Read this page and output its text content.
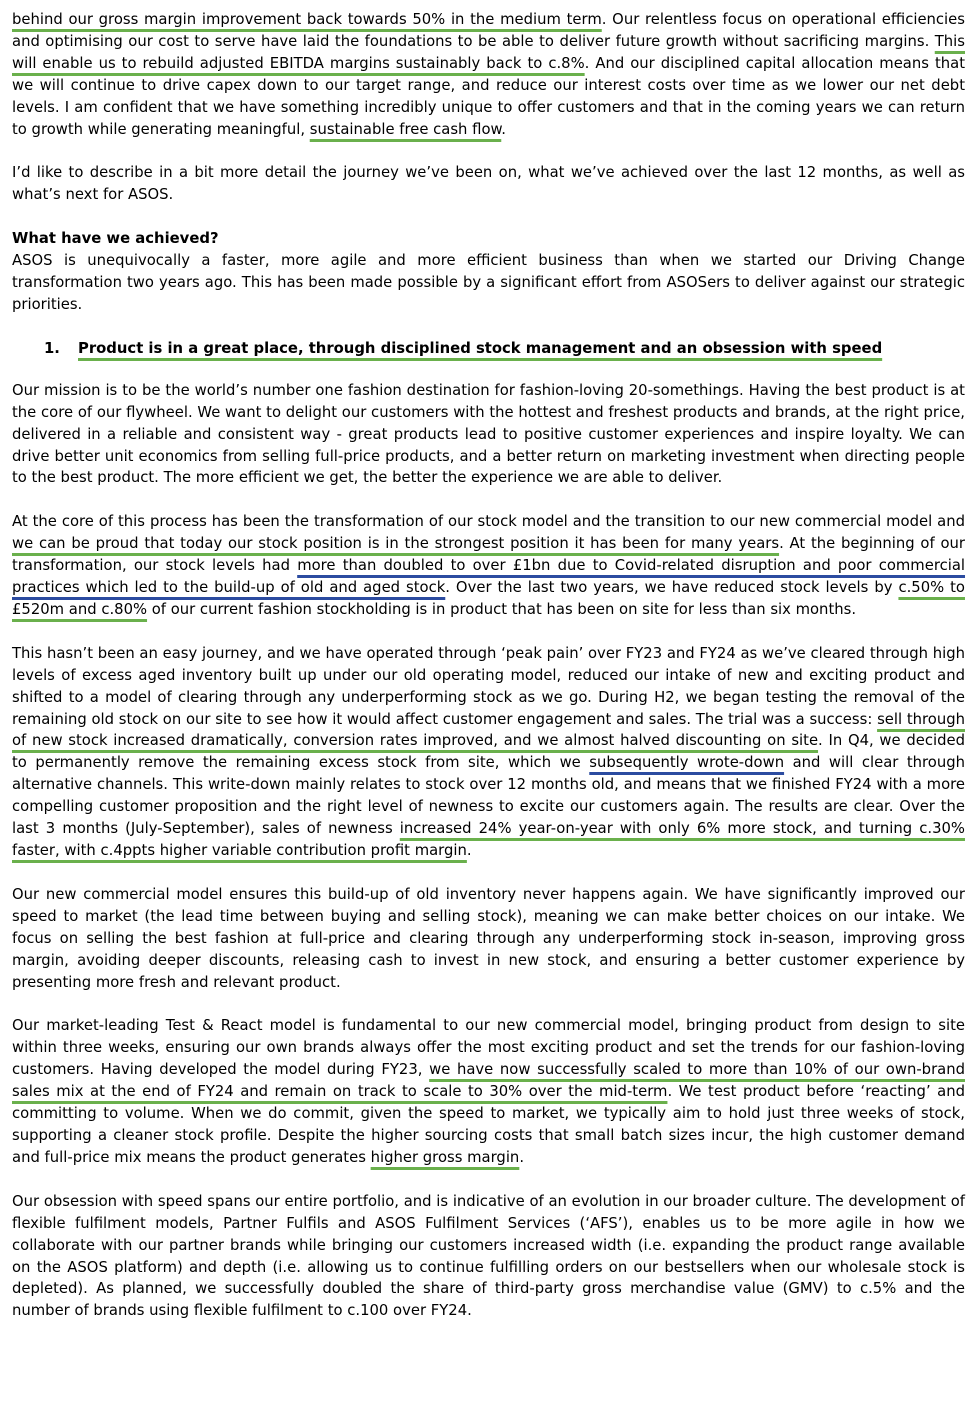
behind our gross margin improvement back towards 50% in the medium term. Our relentless focus on operational efficiencies and optimising our cost to serve have laid the foundations to be able to deliver future growth without sacrificing margins. This will enable us to rebuild adjusted EBITDA margins sustainably back to c.8%. And our disciplined capital allocation means that we will continue to drive capex down to our target range, and reduce our interest costs over time as we lower our net debt levels. I am confident that we have something incredibly unique to offer customers and that in the coming years we can return to growth while generating meaningful, sustainable free cash flow.

I’d like to describe in a bit more detail the journey we’ve been on, what we’ve achieved over the last 12 months, as well as what’s next for ASOS.

What have we achieved?

ASOS is unequivocally a faster, more agile and more efficient business than when we started our Driving Change transformation two years ago. This has been made possible by a significant effort from ASOSers to deliver against our strategic priorities.

1.	Product is in a great place, through disciplined stock management and an obsession with speed

Our mission is to be the world’s number one fashion destination for fashion-loving 20-somethings. Having the best product is at the core of our flywheel. We want to delight our customers with the hottest and freshest products and brands, at the right price, delivered in a reliable and consistent way - great products lead to positive customer experiences and inspire loyalty. We can drive better unit economics from selling full-price products, and a better return on marketing investment when directing people to the best product. The more efficient we get, the better the experience we are able to deliver.

At the core of this process has been the transformation of our stock model and the transition to our new commercial model and we can be proud that today our stock position is in the strongest position it has been for many years. At the beginning of our transformation, our stock levels had more than doubled to over £1bn due to Covid-related disruption and poor commercial practices which led to the build-up of old and aged stock. Over the last two years, we have reduced stock levels by c.50% to £520m and c.80% of our current fashion stockholding is in product that has been on site for less than six months.

This hasn’t been an easy journey, and we have operated through ‘peak pain’ over FY23 and FY24 as we’ve cleared through high levels of excess aged inventory built up under our old operating model, reduced our intake of new and exciting product and shifted to a model of clearing through any underperforming stock as we go. During H2, we began testing the removal of the remaining old stock on our site to see how it would affect customer engagement and sales. The trial was a success: sell through of new stock increased dramatically, conversion rates improved, and we almost halved discounting on site. In Q4, we decided to permanently remove the remaining excess stock from site, which we subsequently wrote-down and will clear through alternative channels. This write-down mainly relates to stock over 12 months old, and means that we finished FY24 with a more compelling customer proposition and the right level of newness to excite our customers again. The results are clear. Over the last 3 months (July-September), sales of newness increased 24% year-on-year with only 6% more stock, and turning c.30% faster, with c.4ppts higher variable contribution profit margin.

Our new commercial model ensures this build-up of old inventory never happens again. We have significantly improved our speed to market (the lead time between buying and selling stock), meaning we can make better choices on our intake. We focus on selling the best fashion at full-price and clearing through any underperforming stock in-season, improving gross margin, avoiding deeper discounts, releasing cash to invest in new stock, and ensuring a better customer experience by presenting more fresh and relevant product.

Our market-leading Test & React model is fundamental to our new commercial model, bringing product from design to site within three weeks, ensuring our own brands always offer the most exciting product and set the trends for our fashion-loving customers. Having developed the model during FY23, we have now successfully scaled to more than 10% of our own-brand sales mix at the end of FY24 and remain on track to scale to 30% over the mid-term. We test product before ‘reacting’ and committing to volume. When we do commit, given the speed to market, we typically aim to hold just three weeks of stock, supporting a cleaner stock profile. Despite the higher sourcing costs that small batch sizes incur, the high customer demand and full-price mix means the product generates higher gross margin.

Our obsession with speed spans our entire portfolio, and is indicative of an evolution in our broader culture. The development of flexible fulfilment models, Partner Fulfils and ASOS Fulfilment Services (‘AFS’), enables us to be more agile in how we collaborate with our partner brands while bringing our customers increased width (i.e. expanding the product range available on the ASOS platform) and depth (i.e. allowing us to continue fulfilling orders on our bestsellers when our wholesale stock is depleted). As planned, we successfully doubled the share of third-party gross merchandise value (GMV) to c.5% and the number of brands using flexible fulfilment to c.100 over FY24.
